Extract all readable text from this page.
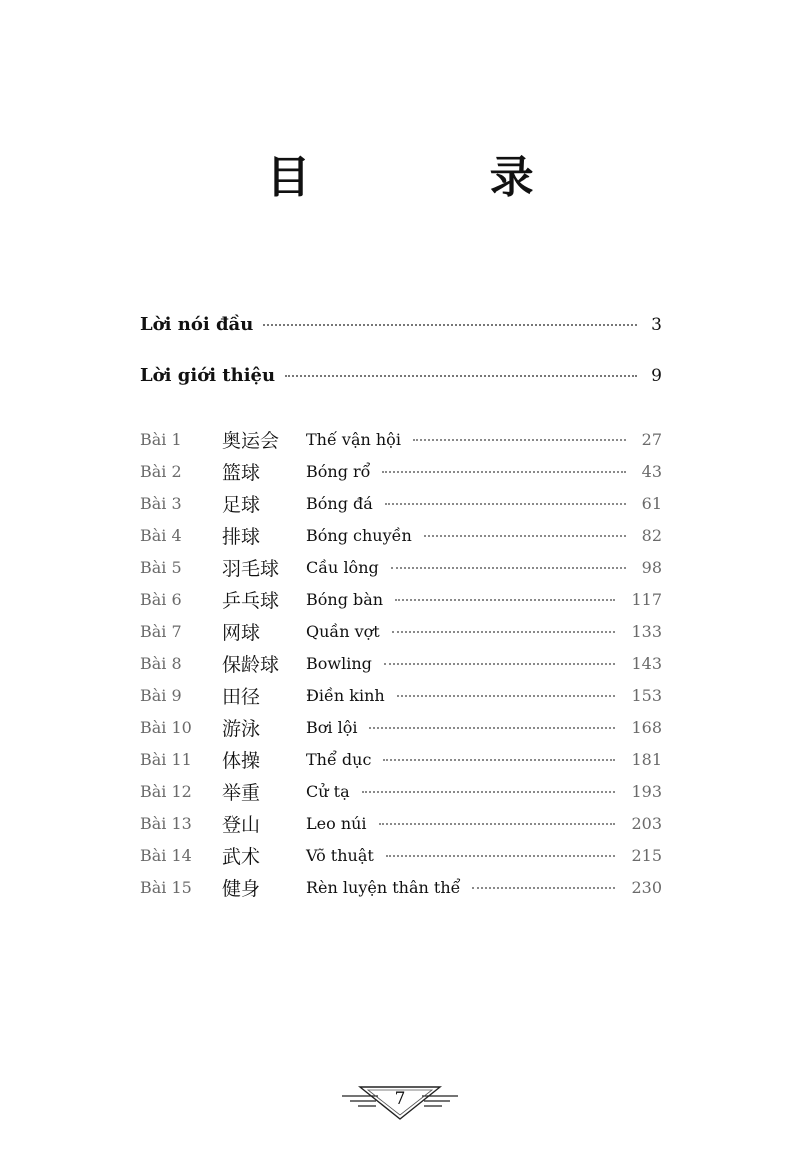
目 录
Lời nói đầu	3
Lời giới thiệu	9
Bài 1 奥运会 Thế vận hội	27
Bài 2 篮球	Bóng rổ	43
Bài 3 足球	Bóng đá	61
Bài 4 排球	Bóng chuyền	82
Bài 5 羽毛球 Cầu lông	98
Bài 6 乒乓球 Bóng bàn	117
Bài 7 网球	Quần vợt	133
Bài 8 保龄球 Bowling	143
Bài 9 田径	Điền kinh	153
Bài 10 游泳	Bơi lội	168
Bài 11 体操	Thể dục	181
Bài 12 举重	Cử tạ	193
Bài 13 登山	Leo núi	203
Bài 14 武术	Võ thuật	215
Bài 15 健身	Rèn luyện thân thể	230
7
